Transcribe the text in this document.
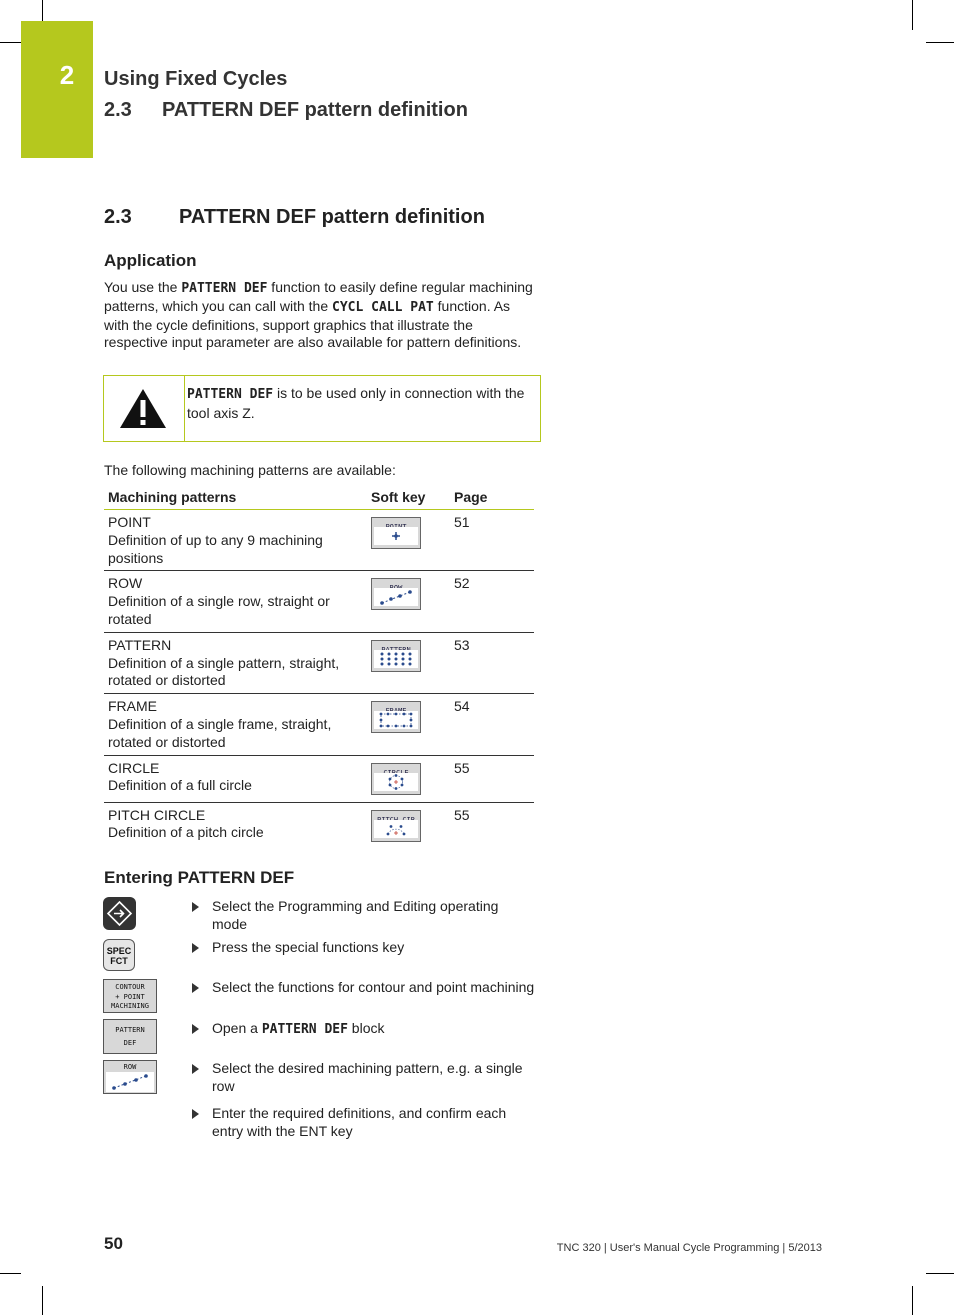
2	Using Fixed Cycles
2.3 PATTERN DEF pattern definition
2.3 PATTERN DEF pattern definition
Application
You use the PATTERN DEF function to easily define regular machining patterns, which you can call with the CYCL CALL PAT function. As with the cycle definitions, support graphics that illustrate the respective input parameter are also available for pattern definitions.
PATTERN DEF is to be used only in connection with the tool axis Z.
The following machining patterns are available:
Machining patterns	Soft key	Page

POINT
Definition of up to any 9 machining positions		51

ROW
Definition of a single row, straight or rotated		52

PATTERN
Definition of a single pattern, straight, rotated or distorted		53

FRAME
Definition of a single frame, straight, rotated or distorted		54

CIRCLE
Definition of a full circle		55

PITCH CIRCLE
Definition of a pitch circle		55
Entering PATTERN DEF
SPEC
FCT
CONTOUR
+ POINT
MACHINING
PATTERN
DEF
ROW
Select the Programming and Editing operating mode
Press the special functions key
Select the functions for contour and point machining
Open a PATTERN DEF block
Select the desired machining pattern, e.g. a single row
Enter the required definitions, and confirm each entry with the ENT key
50	TNC 320 | User's Manual Cycle Programming | 5/2013
